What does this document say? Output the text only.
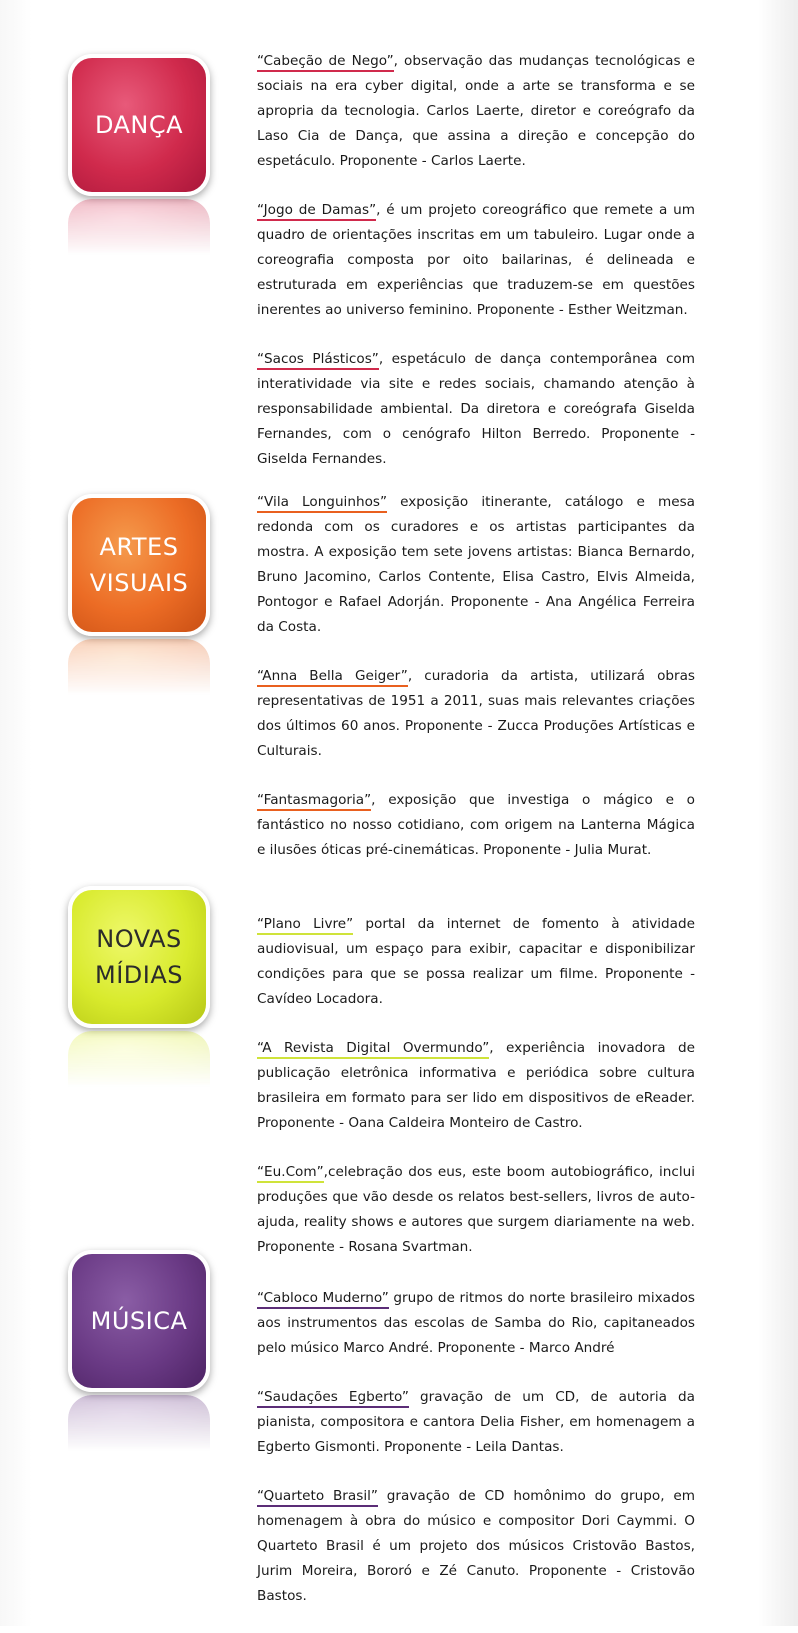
DANÇA

“Cabeção de Nego”, observação das mudanças tecnológicas e sociais na era cyber digital, onde a arte se transforma e se apropria da tecnologia. Carlos Laerte, diretor e coreógrafo da Laso Cia de Dança, que assina a direção e concepção do espetáculo. Proponente - Carlos Laerte.

“Jogo de Damas”, é um projeto coreográfico que remete a um quadro de orientações inscritas em um tabuleiro. Lugar onde a coreografia composta por oito bailarinas, é delineada e estruturada em experiências que traduzem-se em questões inerentes ao universo feminino. Proponente - Esther Weitzman.

“Sacos Plásticos”, espetáculo de dança contemporânea com interatividade via site e redes sociais, chamando atenção à responsabilidade ambiental. Da diretora e coreógrafa Giselda Fernandes, com o cenógrafo Hilton Berredo. Proponente - Giselda Fernandes.

ARTES
VISUAIS

“Vila Longuinhos” exposição itinerante, catálogo e mesa redonda com os curadores e os artistas participantes da mostra. A exposição tem sete jovens artistas: Bianca Bernardo, Bruno Jacomino, Carlos Contente, Elisa Castro, Elvis Almeida, Pontogor e Rafael Adorján. Proponente - Ana Angélica Ferreira da Costa.

“Anna Bella Geiger”, curadoria da artista, utilizará obras representativas de 1951 a 2011, suas mais relevantes criações dos últimos 60 anos. Proponente - Zucca Produções Artísticas e Culturais.

“Fantasmagoria”, exposição que investiga o mágico e o fantástico no nosso cotidiano, com origem na Lanterna Mágica e ilusões óticas pré-cinemáticas. Proponente - Julia Murat.

NOVAS
MÍDIAS

“Plano Livre” portal da internet de fomento à atividade audiovisual, um espaço para exibir, capacitar e disponibilizar condições para que se possa realizar um filme. Proponente - Cavídeo Locadora.

“A Revista Digital Overmundo”, experiência inovadora de publicação eletrônica informativa e periódica sobre cultura brasileira em formato para ser lido em dispositivos de eReader. Proponente - Oana Caldeira Monteiro de Castro.

“Eu.Com”,celebração dos eus, este boom autobiográfico, inclui produções que vão desde os relatos best-sellers, livros de auto-ajuda, reality shows e autores que surgem diariamente na web. Proponente - Rosana Svartman.

MÚSICA

“Cabloco Muderno” grupo de ritmos do norte brasileiro mixados aos instrumentos das escolas de Samba do Rio, capitaneados pelo músico Marco André. Proponente - Marco André

“Saudações Egberto” gravação de um CD, de autoria da pianista, compositora e cantora Delia Fisher, em homenagem a Egberto Gismonti. Proponente - Leila Dantas.

“Quarteto Brasil” gravação de CD homônimo do grupo, em homenagem à obra do músico e compositor Dori Caymmi. O Quarteto Brasil é um projeto dos músicos Cristovão Bastos, Jurim Moreira, Bororó e Zé Canuto. Proponente - Cristovão Bastos.
